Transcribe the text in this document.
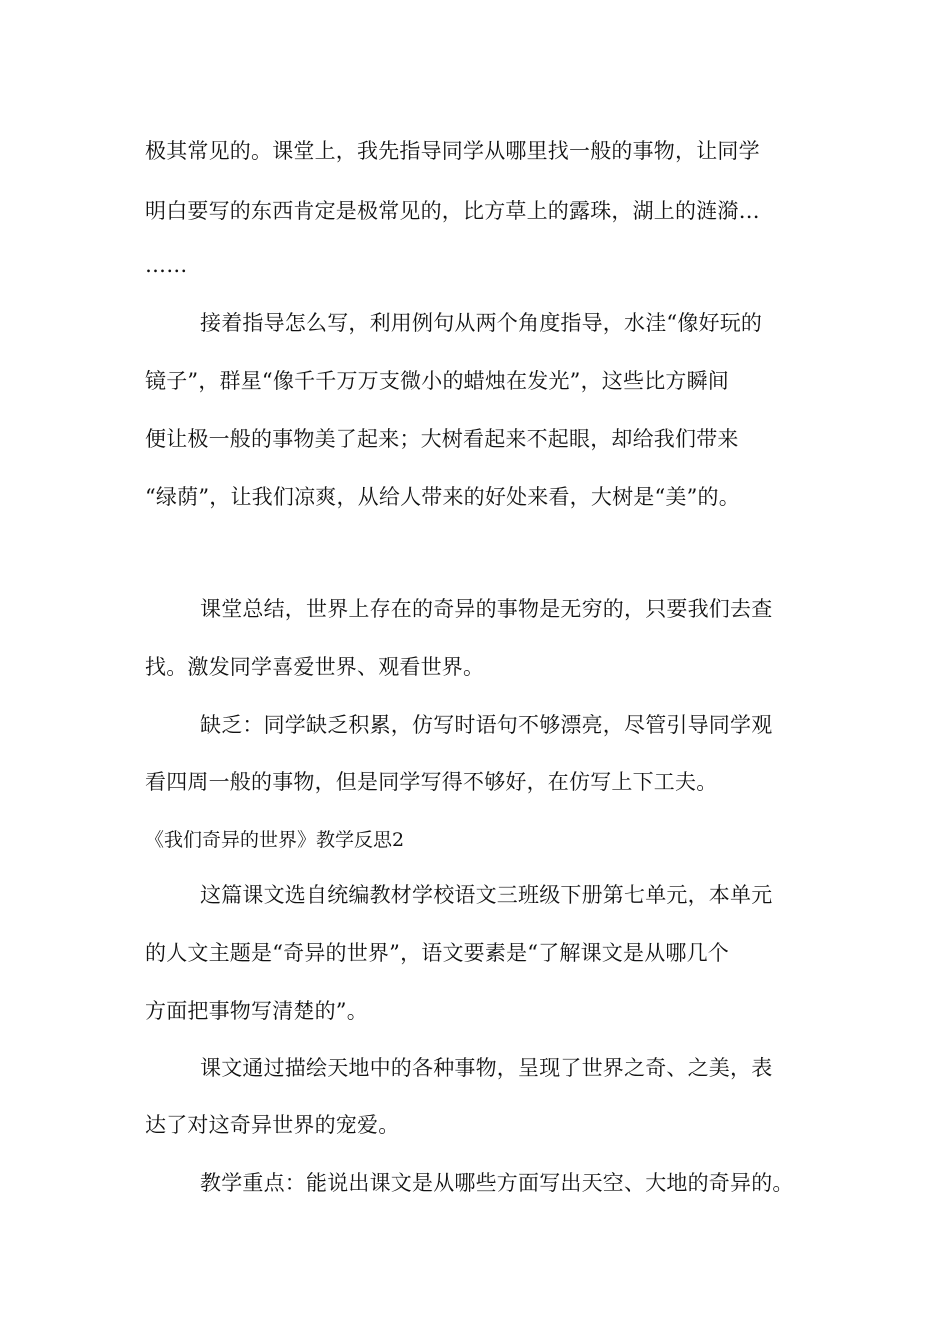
极其常见的。课堂上，我先指导同学从哪里找一般的事物，让同学
明白要写的东西肯定是极常见的，比方草上的露珠，湖上的涟漪…
……
接着指导怎么写，利用例句从两个角度指导，水洼“像好玩的
镜子”，群星“像千千万万支微小的蜡烛在发光”，这些比方瞬间
便让极一般的事物美了起来；大树看起来不起眼，却给我们带来
“绿荫”，让我们凉爽，从给人带来的好处来看，大树是“美”的。
课堂总结，世界上存在的奇异的事物是无穷的，只要我们去查
找。激发同学喜爱世界、观看世界。
缺乏：同学缺乏积累，仿写时语句不够漂亮，尽管引导同学观
看四周一般的事物，但是同学写得不够好，在仿写上下工夫。
《我们奇异的世界》教学反思2
这篇课文选自统编教材学校语文三班级下册第七单元，本单元
的人文主题是“奇异的世界”，语文要素是“了解课文是从哪几个
方面把事物写清楚的”。
课文通过描绘天地中的各种事物，呈现了世界之奇、之美，表
达了对这奇异世界的宠爱。
教学重点：能说出课文是从哪些方面写出天空、大地的奇异的。
